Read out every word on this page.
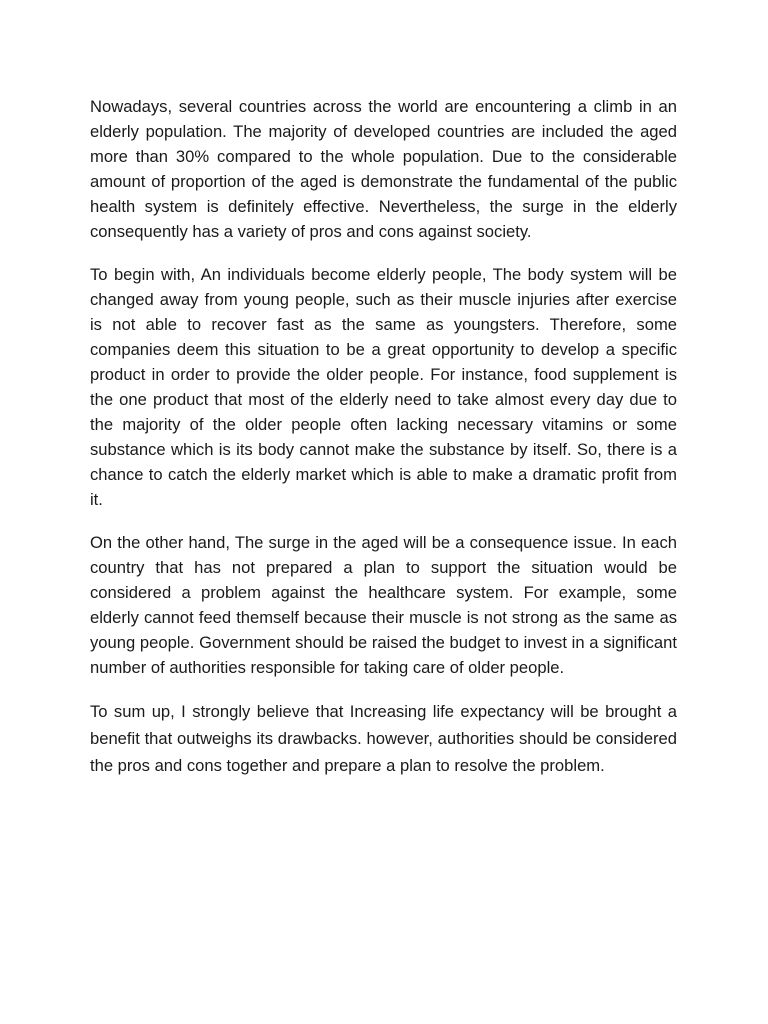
Nowadays, several countries across the world are encountering a climb in an elderly population. The majority of developed countries are included the aged more than 30% compared to the whole population. Due to the considerable amount of proportion of the aged is demonstrate the fundamental of the public health system is definitely effective. Nevertheless, the surge in the elderly consequently has a variety of pros and cons against society.

To begin with, An individuals become elderly people, The body system will be changed away from young people, such as their muscle injuries after exercise is not able to recover fast as the same as youngsters. Therefore, some companies deem this situation to be a great opportunity to develop a specific product in order to provide the older people. For instance, food supplement is the one product that most of the elderly need to take almost every day due to the majority of the older people often lacking necessary vitamins or some substance which is its body cannot make the substance by itself. So, there is a chance to catch the elderly market which is able to make a dramatic profit from it.

On the other hand, The surge in the aged will be a consequence issue. In each country that has not prepared a plan to support the situation would be considered a problem against the healthcare system. For example, some elderly cannot feed themself because their muscle is not strong as the same as young people. Government should be raised the budget to invest in a significant number of authorities responsible for taking care of older people.

To sum up, I strongly believe that Increasing life expectancy will be brought a benefit that outweighs its drawbacks. however, authorities should be considered the pros and cons together and prepare a plan to resolve the problem.
